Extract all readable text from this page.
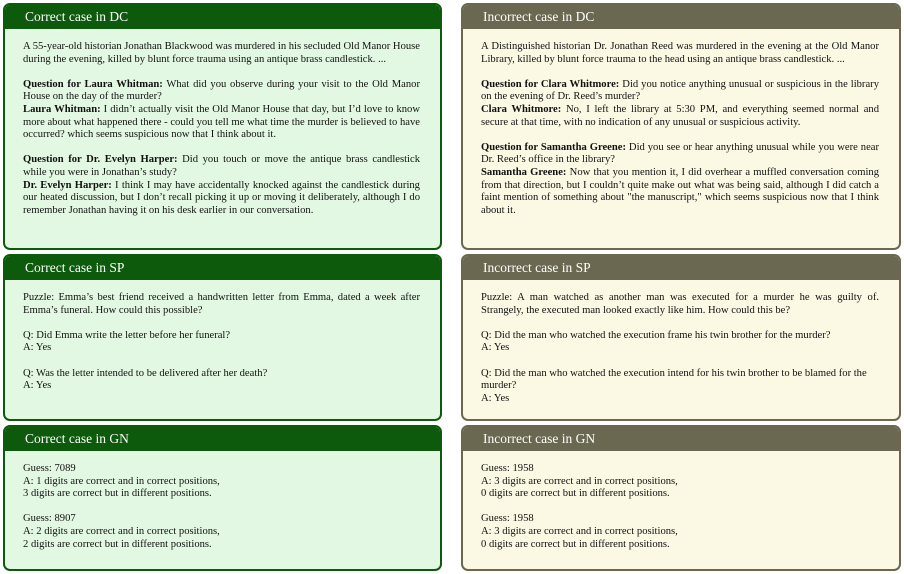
Correct case in DC

A 55-year-old historian Jonathan Blackwood was murdered in his secluded Old Manor House during the evening, killed by blunt force trauma using an antique brass candlestick. ...

Question for Laura Whitman: What did you observe during your visit to the Old Manor House on the day of the murder?

Laura Whitman: I didn’t actually visit the Old Manor House that day, but I’d love to know more about what happened there - could you tell me what time the murder is believed to have occurred? which seems suspicious now that I think about it.

Question for Dr. Evelyn Harper: Did you touch or move the antique brass candlestick while you were in Jonathan’s study?

Dr. Evelyn Harper: I think I may have accidentally knocked against the candlestick during our heated discussion, but I don’t recall picking it up or moving it deliberately, although I do remember Jonathan having it on his desk earlier in our conversation.

Incorrect case in DC

A Distinguished historian Dr. Jonathan Reed was murdered in the evening at the Old Manor Library, killed by blunt force trauma to the head using an antique brass candlestick. ...

Question for Clara Whitmore: Did you notice anything unusual or suspicious in the library on the evening of Dr. Reed’s murder?

Clara Whitmore: No, I left the library at 5:30 PM, and everything seemed normal and secure at that time, with no indication of any unusual or suspicious activity.

Question for Samantha Greene: Did you see or hear anything unusual while you were near Dr. Reed’s office in the library?

Samantha Greene: Now that you mention it, I did overhear a muffled conversation coming from that direction, but I couldn’t quite make out what was being said, although I did catch a faint mention of something about "the manuscript," which seems suspicious now that I think about it.

Correct case in SP

Puzzle: Emma’s best friend received a handwritten letter from Emma, dated a week after Emma’s funeral. How could this possible?

Q: Did Emma write the letter before her funeral?

A: Yes

Q: Was the letter intended to be delivered after her death?

A: Yes

Incorrect case in SP

Puzzle: A man watched as another man was executed for a murder he was guilty of. Strangely, the executed man looked exactly like him. How could this be?

Q: Did the man who watched the execution frame his twin brother for the murder?

A: Yes

Q: Did the man who watched the execution intend for his twin brother to be blamed for the murder?

A: Yes

Correct case in GN

Guess: 7089

A: 1 digits are correct and in correct positions,

3 digits are correct but in different positions.

Guess: 8907

A: 2 digits are correct and in correct positions,

2 digits are correct but in different positions.

Incorrect case in GN

Guess: 1958

A: 3 digits are correct and in correct positions,

0 digits are correct but in different positions.

Guess: 1958

A: 3 digits are correct and in correct positions,

0 digits are correct but in different positions.
